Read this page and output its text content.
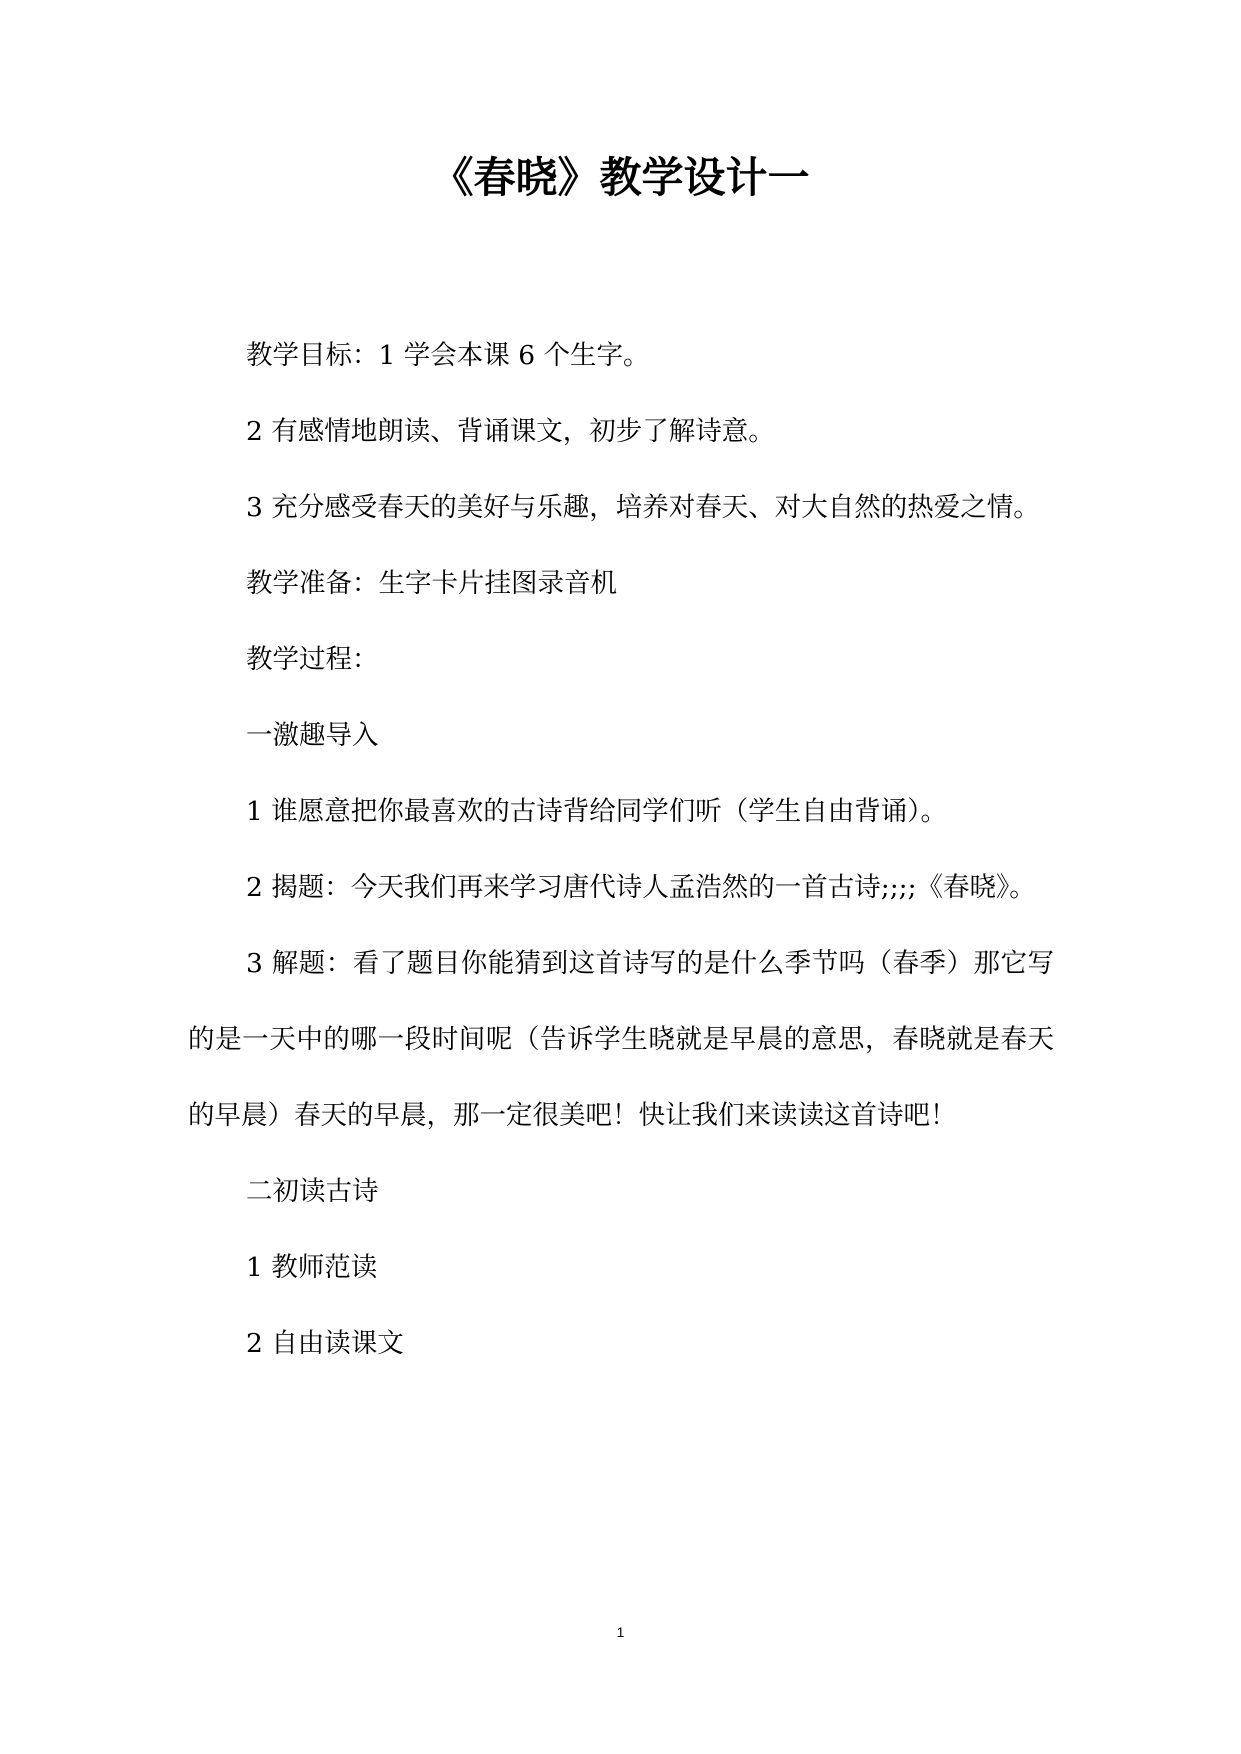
《春晓》教学设计一

教学目标：1 学会本课 6 个生字。

2 有感情地朗读、背诵课文，初步了解诗意。

3 充分感受春天的美好与乐趣，培养对春天、对大自然的热爱之情。

教学准备：生字卡片挂图录音机

教学过程：

一激趣导入

1 谁愿意把你最喜欢的古诗背给同学们听（学生自由背诵）。

2 揭题：今天我们再来学习唐代诗人孟浩然的一首古诗;;;;《春晓》。

3 解题：看了题目你能猜到这首诗写的是什么季节吗（春季）那它写的是一天中的哪一段时间呢（告诉学生晓就是早晨的意思，春晓就是春天的早晨）春天的早晨，那一定很美吧！快让我们来读读这首诗吧！

二初读古诗

1 教师范读

2 自由读课文

1
